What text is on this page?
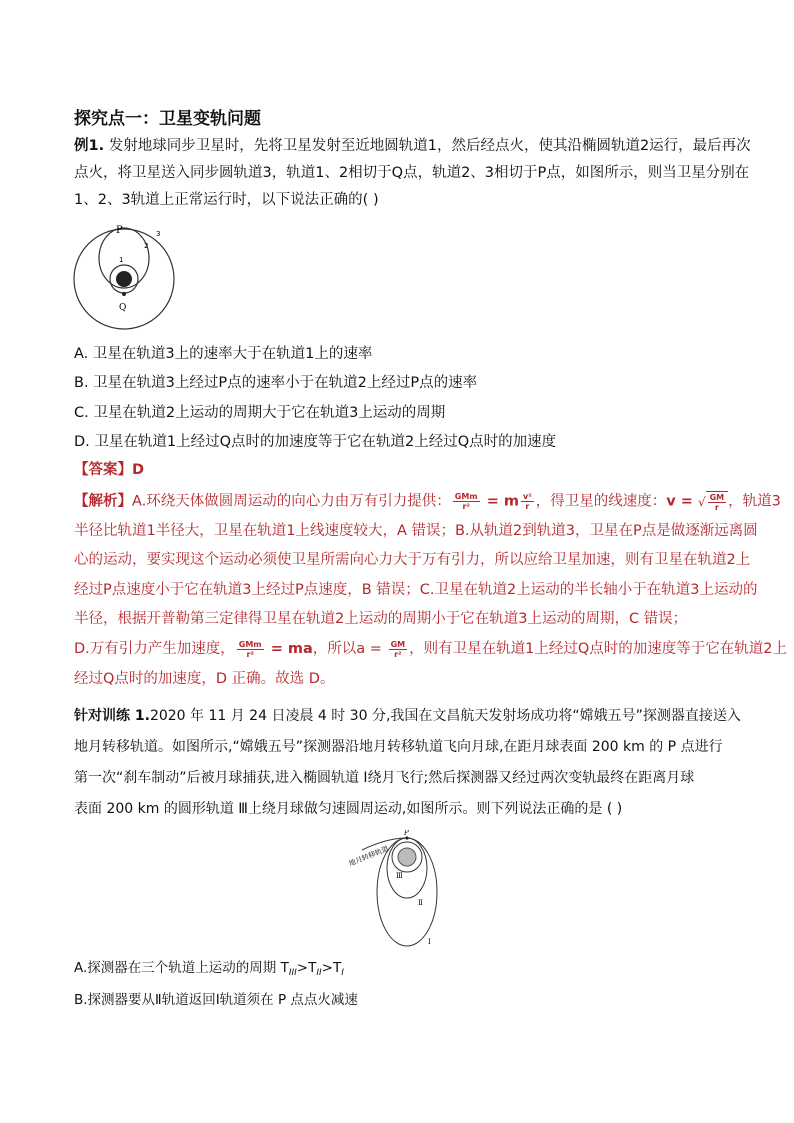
探究点一：卫星变轨问题
例1. 发射地球同步卫星时，先将卫星发射至近地圆轨道1，然后经点火，使其沿椭圆轨道2运行，最后再次
点火，将卫星送入同步圆轨道3，轨道1、2相切于Q点，轨道2、3相切于P点，如图所示，则当卫星分别在
1、2、3轨道上正常运行时，以下说法正确的( )
P
Q
1
2
3
A. 卫星在轨道3上的速率大于在轨道1上的速率
B. 卫星在轨道3上经过P点的速率小于在轨道2上经过P点的速率
C. 卫星在轨道2上运动的周期大于它在轨道3上运动的周期
D. 卫星在轨道1上经过Q点时的加速度等于它在轨道2上经过Q点时的加速度
【答案】D
【解析】A.环绕天体做圆周运动的向心力由万有引力提供： $\frac{\text{GMm}}{\text{r²}} = m \frac{\text{v²}}{r}$ ，得卫星的线速度：v = √ $\frac{GM}{r}$ ，轨道3
半径比轨道1半径大，卫星在轨道1上线速度较大，A 错误；B.从轨道2到轨道3，卫星在P点是做逐渐远离圆
心的运动，要实现这个运动必须使卫星所需向心力大于万有引力，所以应给卫星加速，则有卫星在轨道2上
经过P点速度小于它在轨道3上经过P点速度，B 错误；C.卫星在轨道2上运动的半长轴小于在轨道3上运动的
半径，根据开普勒第三定律得卫星在轨道2上运动的周期小于它在轨道3上运动的周期，C 错误；
D.万有引力产生加速度， $\frac{\text{GMm}}{\text{r²}}$ = ma，所以$a = \frac{GM}{\text{r²}}$ ，则有卫星在轨道1上经过Q点时的加速度等于它在轨道2上
经过Q点时的加速度，D 正确。故选 D。
针对训练 1.2020 年 11 月 24 日凌晨 4 时 30 分,我国在文昌航天发射场成功将“嫦娥五号”探测器直接送入
地月转移轨道。如图所示,“嫦娥五号”探测器沿地月转移轨道飞向月球,在距月球表面 200 km 的 P 点进行
第一次“刹车制动”后被月球捕获,进入椭圆轨道 Ⅰ绕月飞行;然后探测器又经过两次变轨最终在距离月球
表面 200 km 的圆形轨道 Ⅲ上绕月球做匀速圆周运动,如图所示。则下列说法正确的是 ( )
P
地月转移轨道
Ⅲ
Ⅱ
Ⅰ
A.探测器在三个轨道上运动的周期 $T_{III}>T_{II}>T_I$
B.探测器要从Ⅱ轨道返回Ⅰ轨道须在 P 点点火减速
